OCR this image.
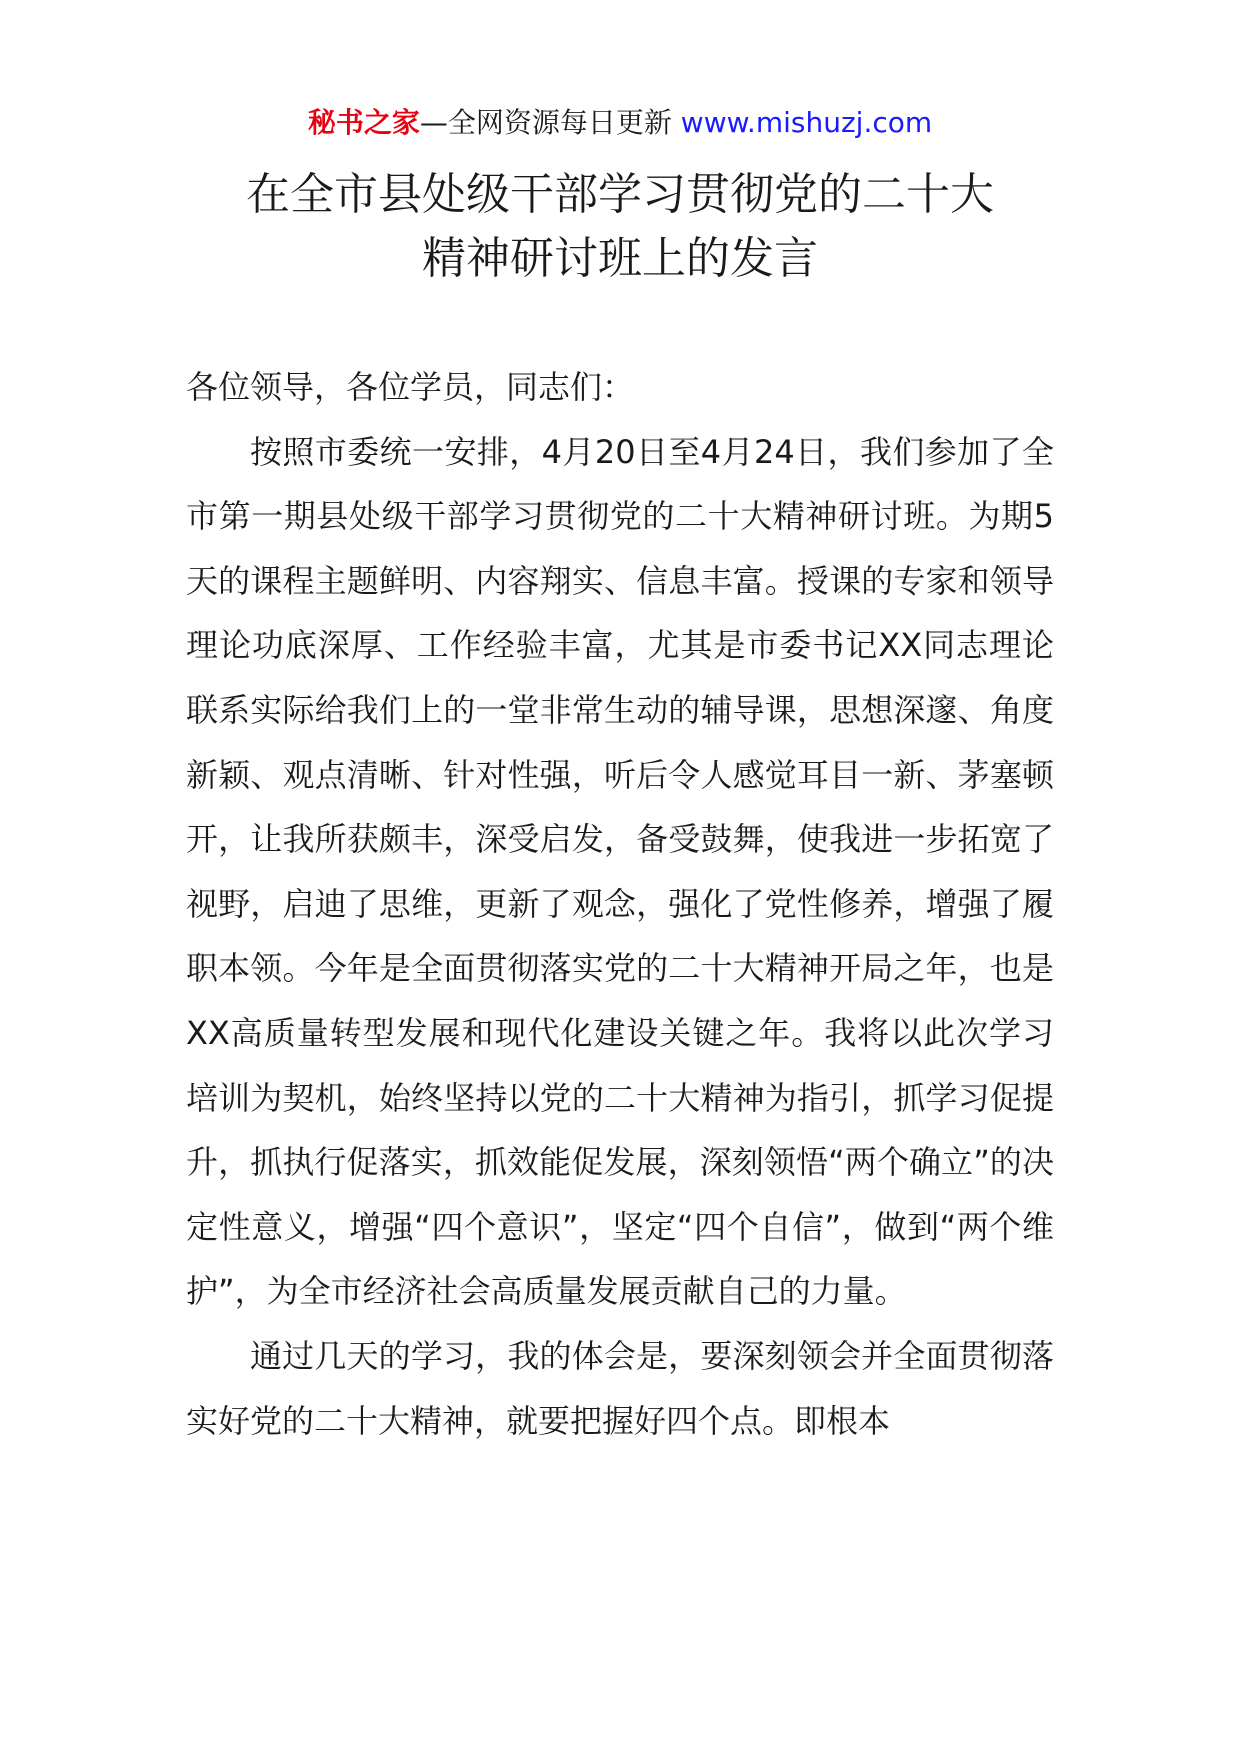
秘书之家—全网资源每日更新 www.mishuzj.com
在全市县处级干部学习贯彻党的二十大
精神研讨班上的发言

各位领导，各位学员，同志们：

按照市委统一安排，4月20日至4月24日，我们参加了全市第一期县处级干部学习贯彻党的二十大精神研讨班。为期5天的课程主题鲜明、内容翔实、信息丰富。授课的专家和领导理论功底深厚、工作经验丰富，尤其是市委书记XX同志理论联系实际给我们上的一堂非常生动的辅导课，思想深邃、角度新颖、观点清晰、针对性强，听后令人感觉耳目一新、茅塞顿开，让我所获颇丰，深受启发，备受鼓舞，使我进一步拓宽了视野，启迪了思维，更新了观念，强化了党性修养，增强了履职本领。今年是全面贯彻落实党的二十大精神开局之年，也是XX高质量转型发展和现代化建设关键之年。我将以此次学习培训为契机，始终坚持以党的二十大精神为指引，抓学习促提升，抓执行促落实，抓效能促发展，深刻领悟“两个确立”的决定性意义，增强“四个意识”，坚定“四个自信”，做到“两个维护”，为全市经济社会高质量发展贡献自己的力量。

通过几天的学习，我的体会是，要深刻领会并全面贯彻落实好党的二十大精神，就要把握好四个点。即根本
